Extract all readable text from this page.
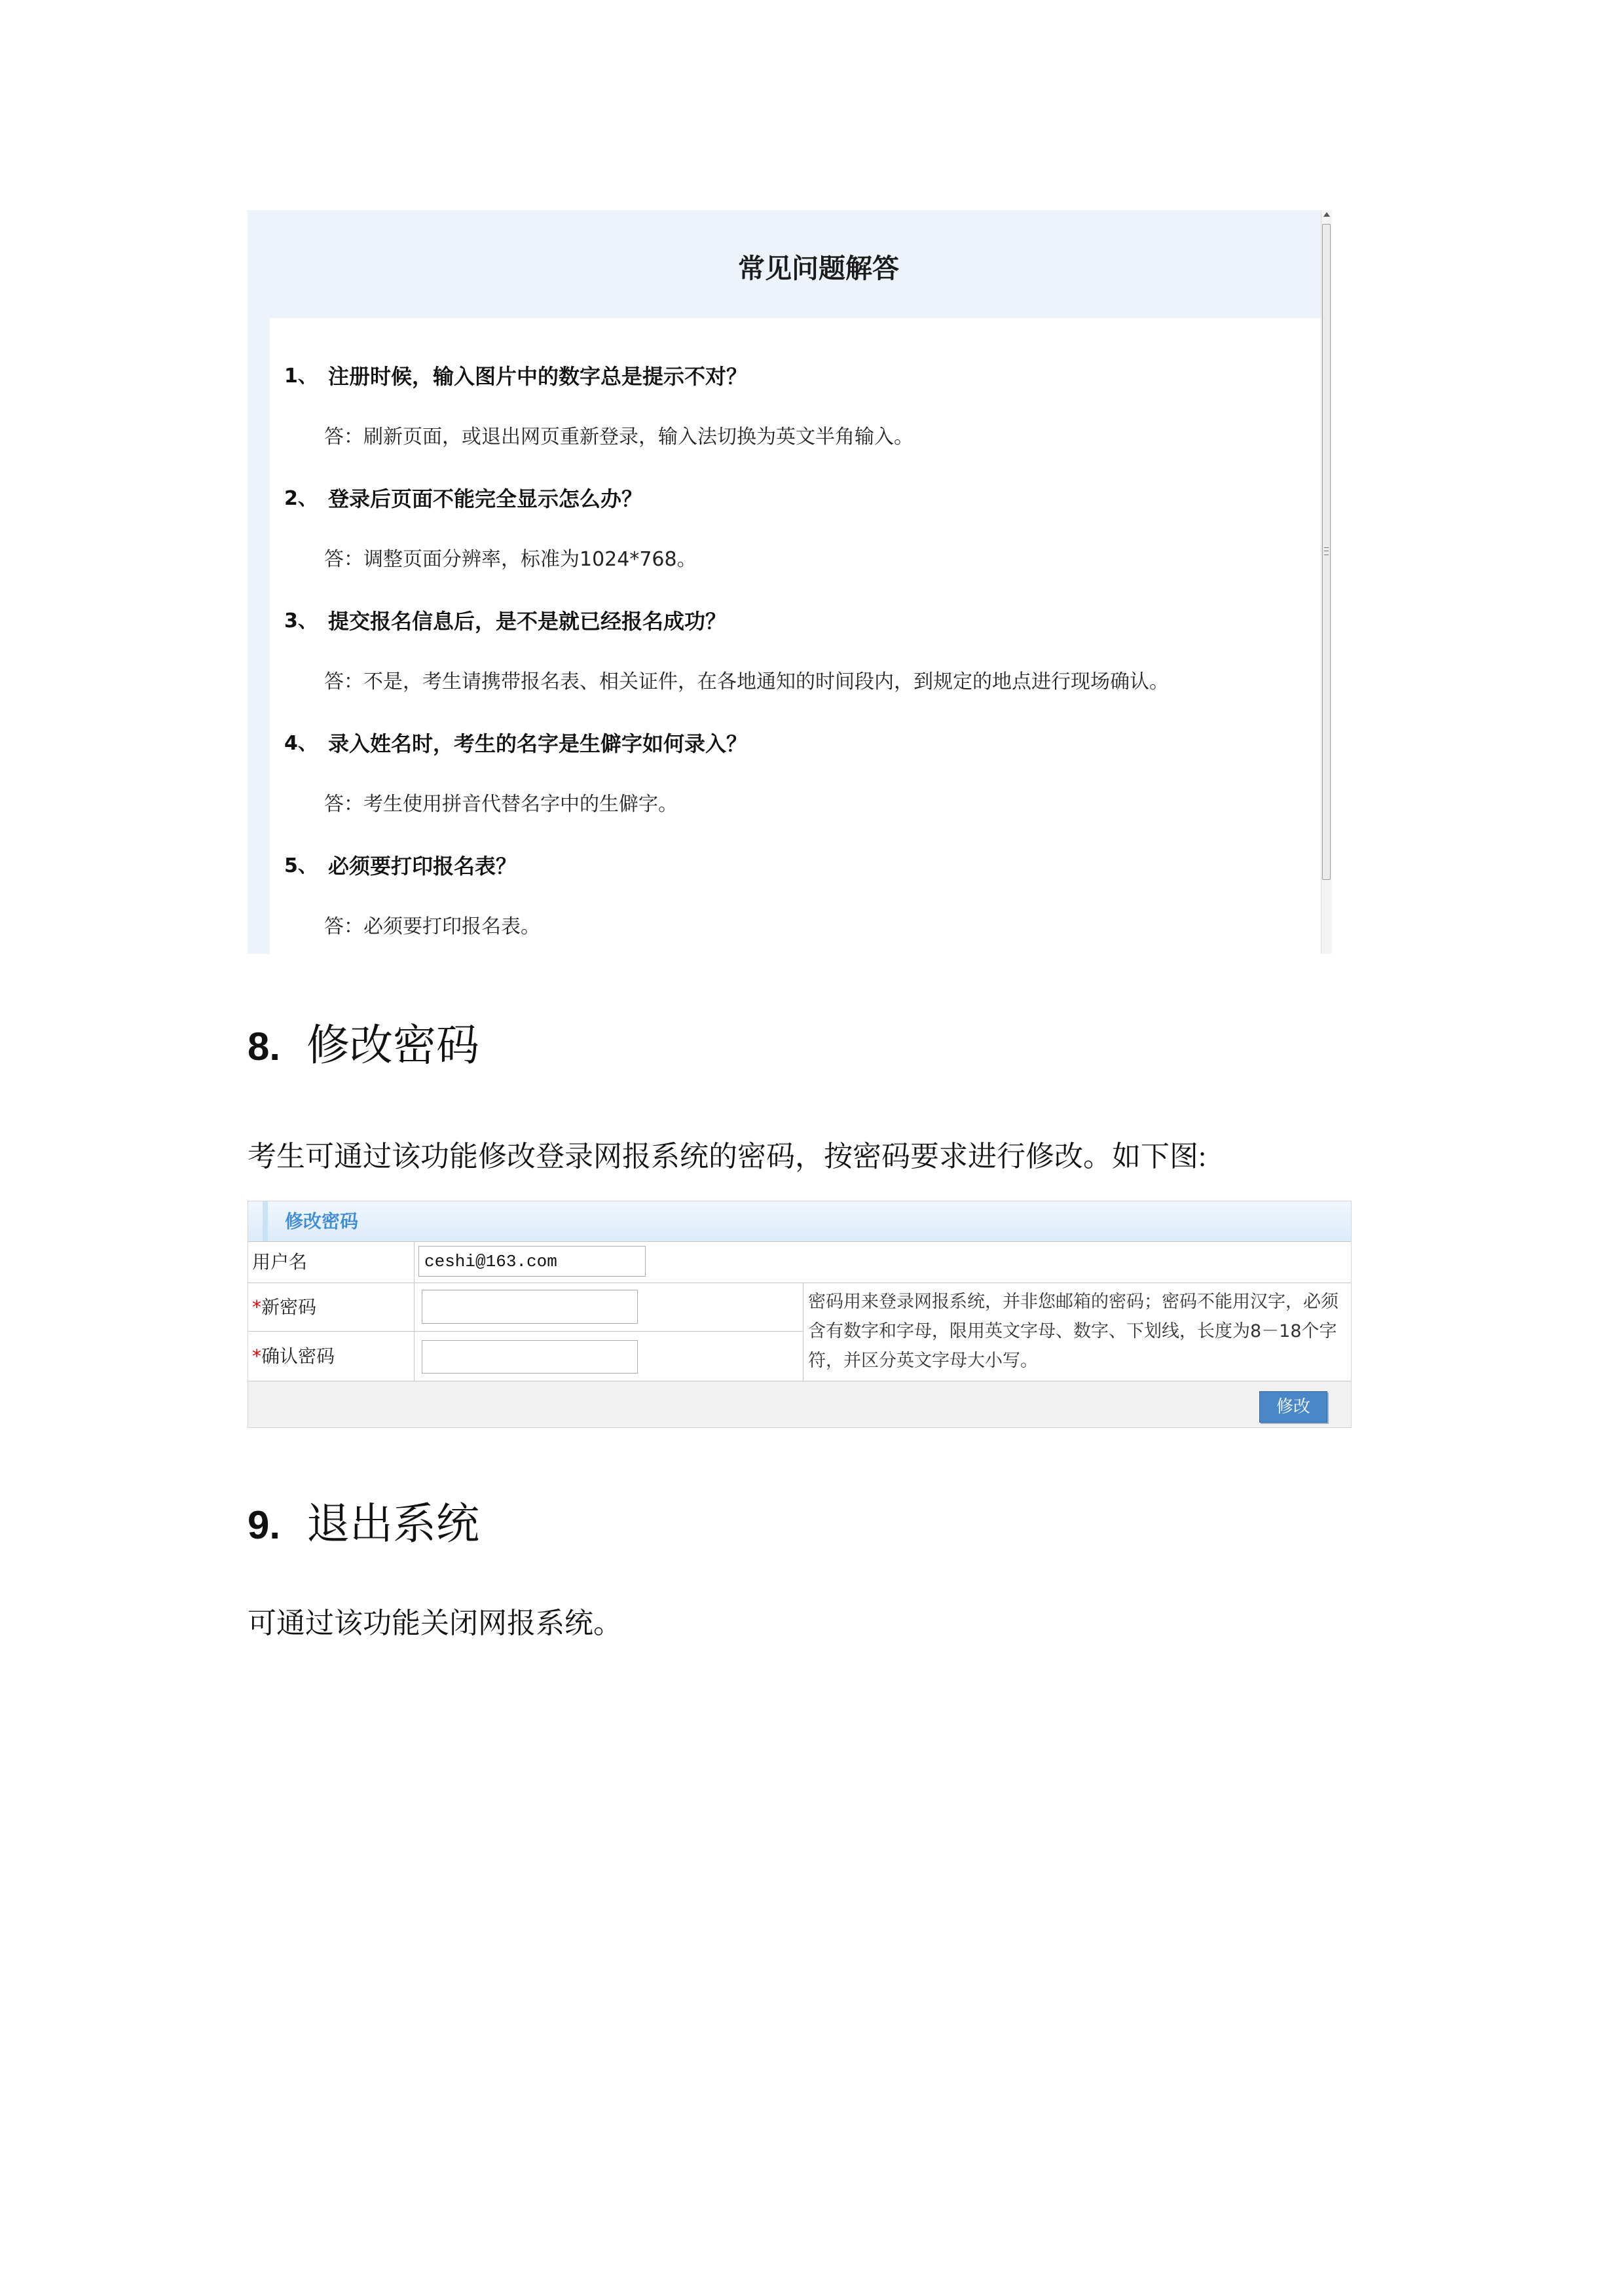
常见问题解答
1、 注册时候，输入图片中的数字总是提示不对？
答：刷新页面，或退出网页重新登录，输入法切换为英文半角输入。
2、 登录后页面不能完全显示怎么办？
答：调整页面分辨率，标准为1024*768。
3、 提交报名信息后，是不是就已经报名成功？
答：不是，考生请携带报名表、相关证件，在各地通知的时间段内，到规定的地点进行现场确认。
4、 录入姓名时，考生的名字是生僻字如何录入？
答：考生使用拼音代替名字中的生僻字。
5、 必须要打印报名表？
答：必须要打印报名表。
8. 修改密码
考生可通过该功能修改登录网报系统的密码，按密码要求进行修改。如下图:
修改密码
用户名
*新密码
*确认密码
密码用来登录网报系统，并非您邮箱的密码；密码不能用汉字，必须
含有数字和字母，限用英文字母、数字、下划线，长度为8－18个字
符，并区分英文字母大小写。
ceshi@163.com
修改
9. 退出系统
可通过该功能关闭网报系统。
